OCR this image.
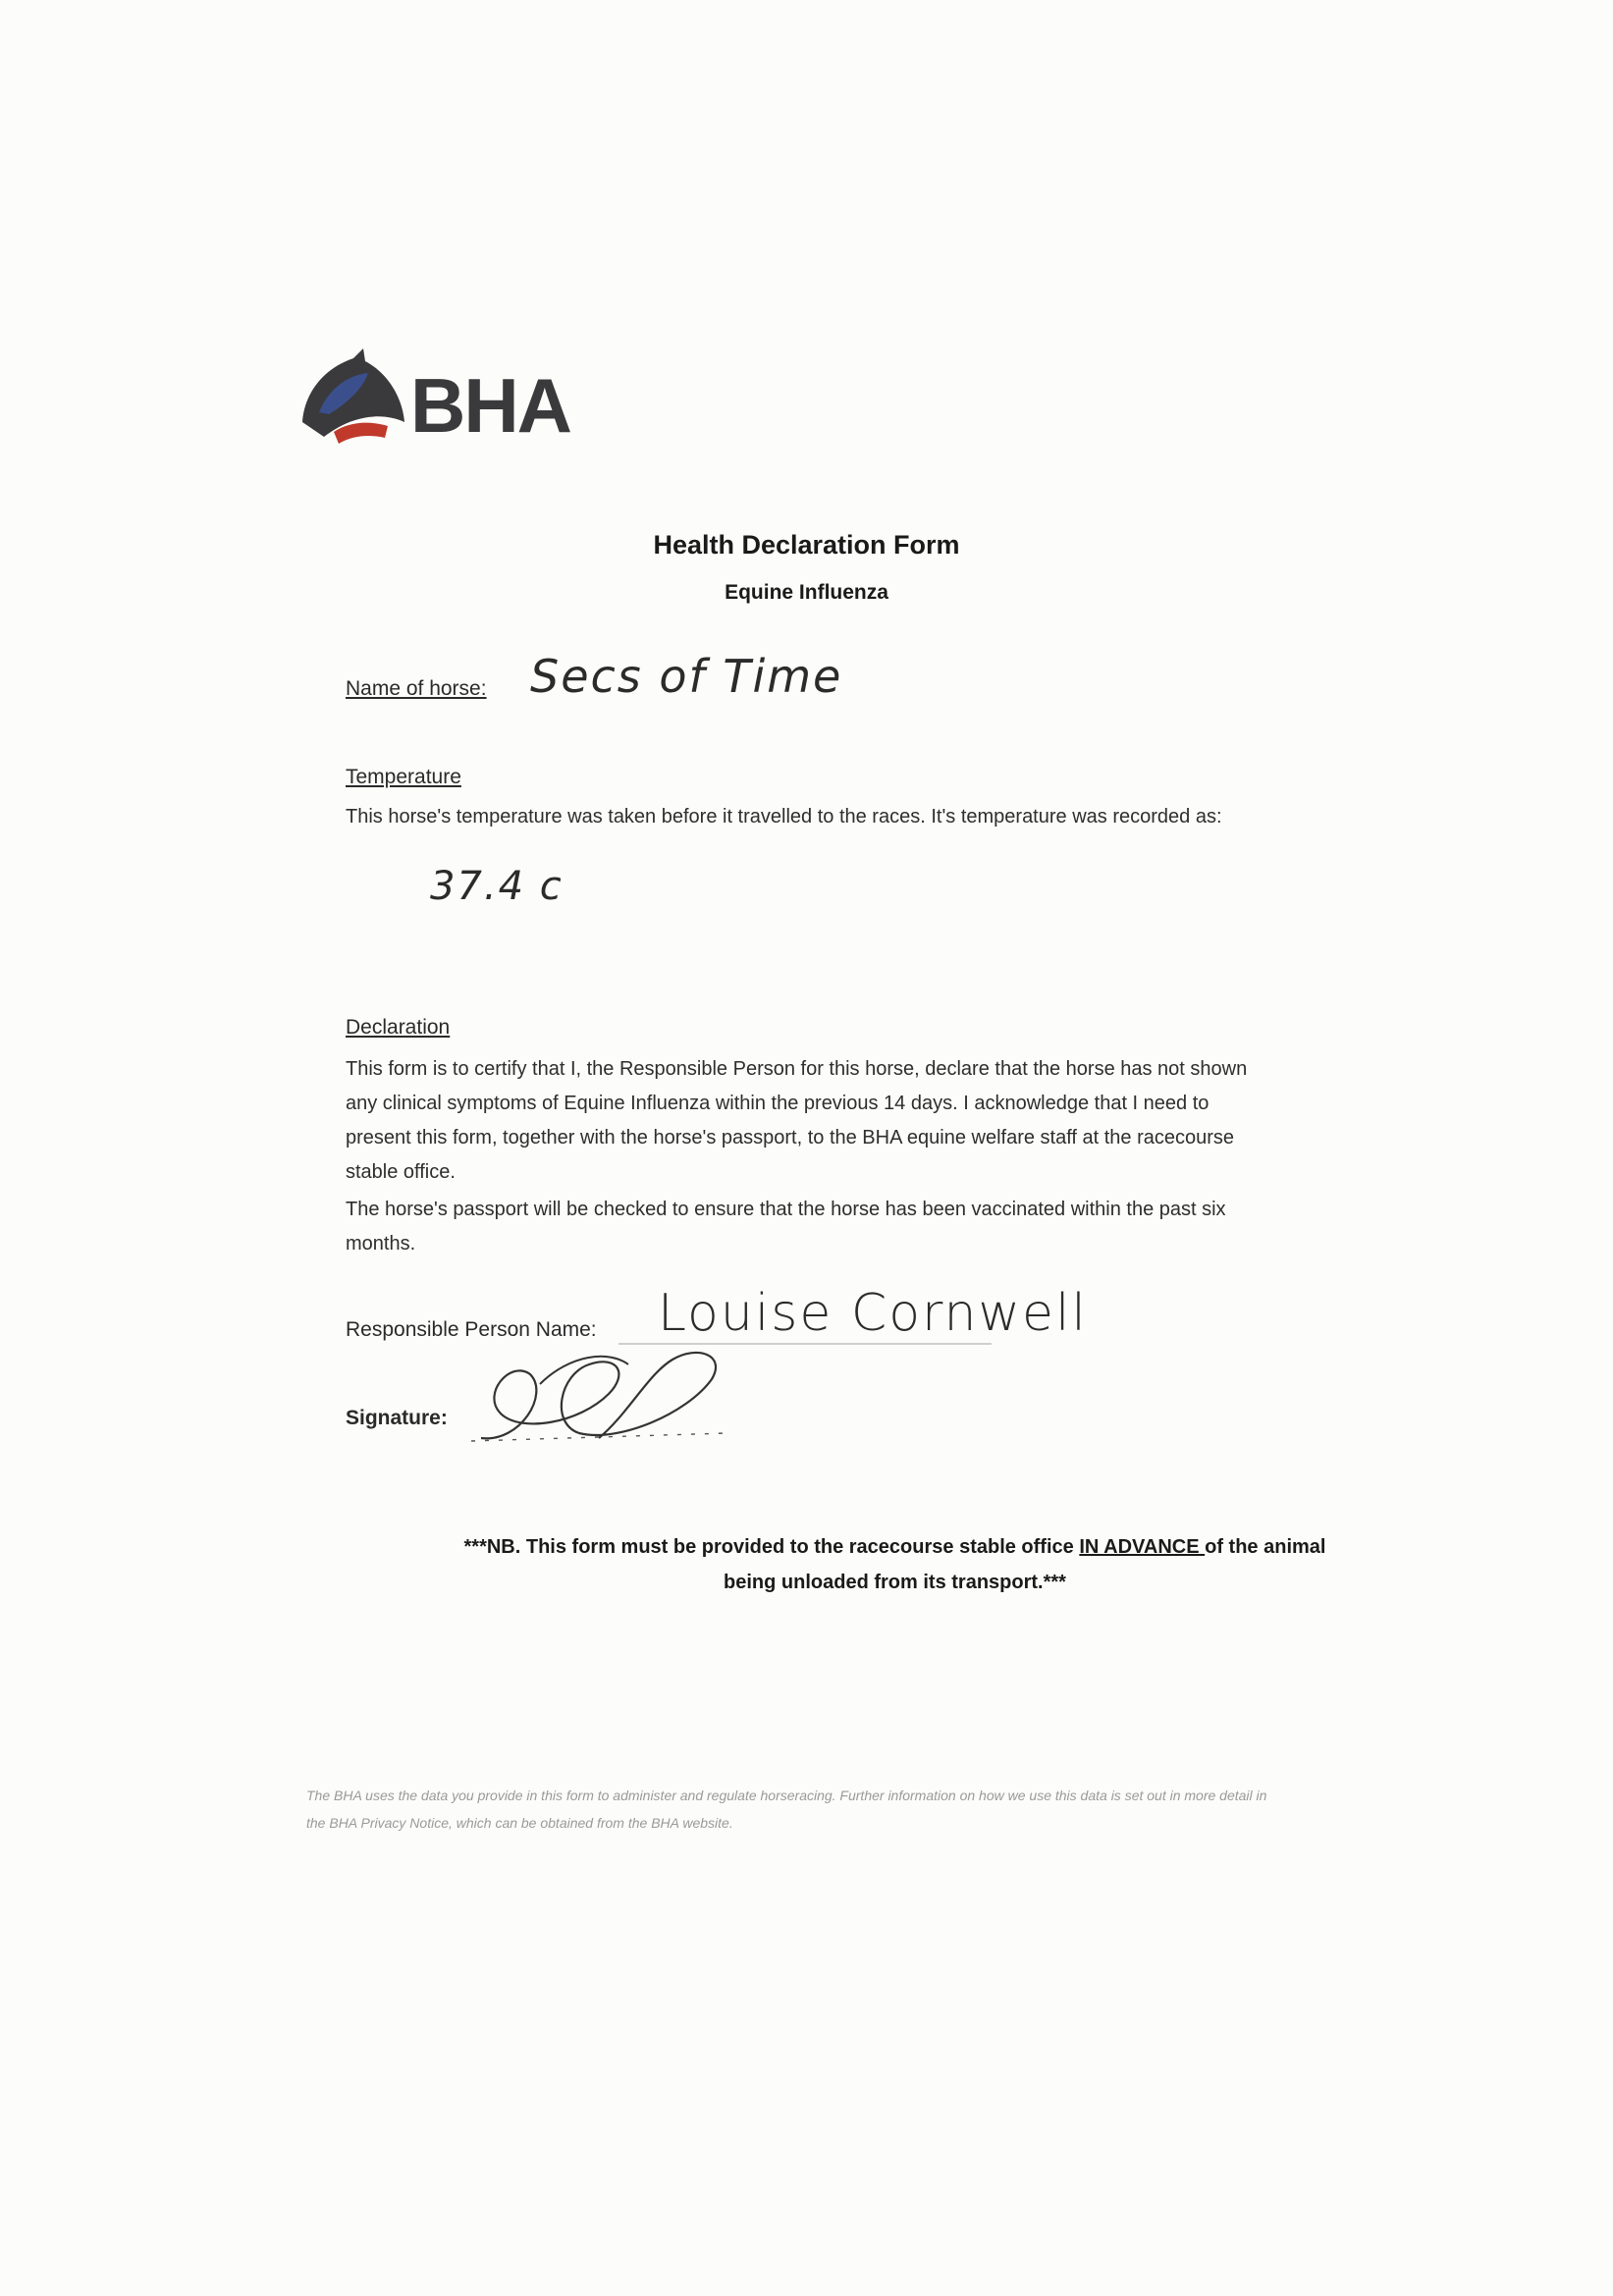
BHA
Health Declaration Form
Equine Influenza
Name of horse: Secs of Time
Temperature
This horse's temperature was taken before it travelled to the races. It's temperature was recorded as:
37.4 c
Declaration
This form is to certify that I, the Responsible Person for this horse, declare that the horse has not shown any clinical symptoms of Equine Influenza within the previous 14 days. I acknowledge that I need to present this form, together with the horse's passport, to the BHA equine welfare staff at the racecourse stable office.
The horse's passport will be checked to ensure that the horse has been vaccinated within the past six months.
Responsible Person Name: Louise Cornwell
Signature:
***NB. This form must be provided to the racecourse stable office IN ADVANCE of the animal being unloaded from its transport.***
The BHA uses the data you provide in this form to administer and regulate horseracing. Further information on how we use this data is set out in more detail in the BHA Privacy Notice, which can be obtained from the BHA website.
